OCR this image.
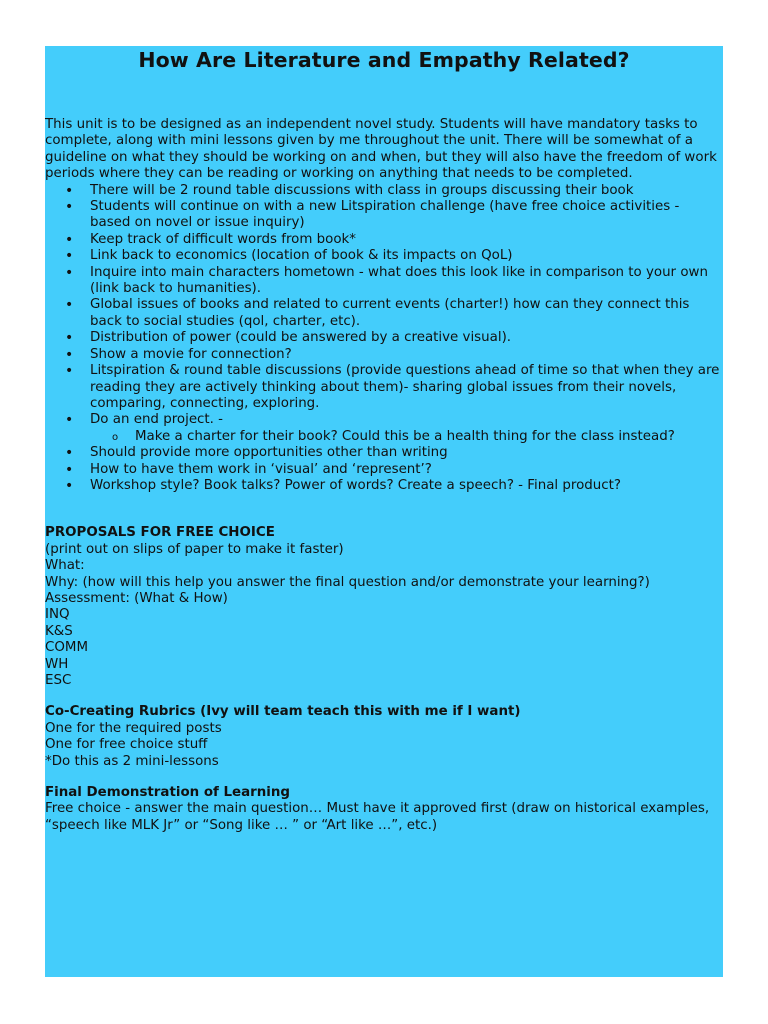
How Are Literature and Empathy Related?

This unit is to be designed as an independent novel study. Students will have mandatory tasks to complete, along with mini lessons given by me throughout the unit. There will be somewhat of a guideline on what they should be working on and when, but they will also have the freedom of work periods where they can be reading or working on anything that needs to be completed.

• There will be 2 round table discussions with class in groups discussing their book
• Students will continue on with a new Litspiration challenge (have free choice activities - based on novel or issue inquiry)
• Keep track of difficult words from book*
• Link back to economics (location of book & its impacts on QoL)
• Inquire into main characters hometown - what does this look like in comparison to your own (link back to humanities).
• Global issues of books and related to current events (charter!) how can they connect this back to social studies (qol, charter, etc).
• Distribution of power (could be answered by a creative visual).
• Show a movie for connection?
• Litspiration & round table discussions (provide questions ahead of time so that when they are reading they are actively thinking about them)- sharing global issues from their novels, comparing, connecting, exploring.
• Do an end project. -
o Make a charter for their book? Could this be a health thing for the class instead?
• Should provide more opportunities other than writing
• How to have them work in ‘visual’ and ‘represent’?
• Workshop style? Book talks? Power of words? Create a speech? - Final product?

PROPOSALS FOR FREE CHOICE

(print out on slips of paper to make it faster)

What:

Why: (how will this help you answer the final question and/or demonstrate your learning?)

Assessment: (What & How)

INQ

K&S

COMM

WH

ESC

Co-Creating Rubrics (Ivy will team teach this with me if I want)

One for the required posts

One for free choice stuff

*Do this as 2 mini-lessons

Final Demonstration of Learning

Free choice - answer the main question… Must have it approved first (draw on historical examples, “speech like MLK Jr” or “Song like … ” or “Art like …”, etc.)
